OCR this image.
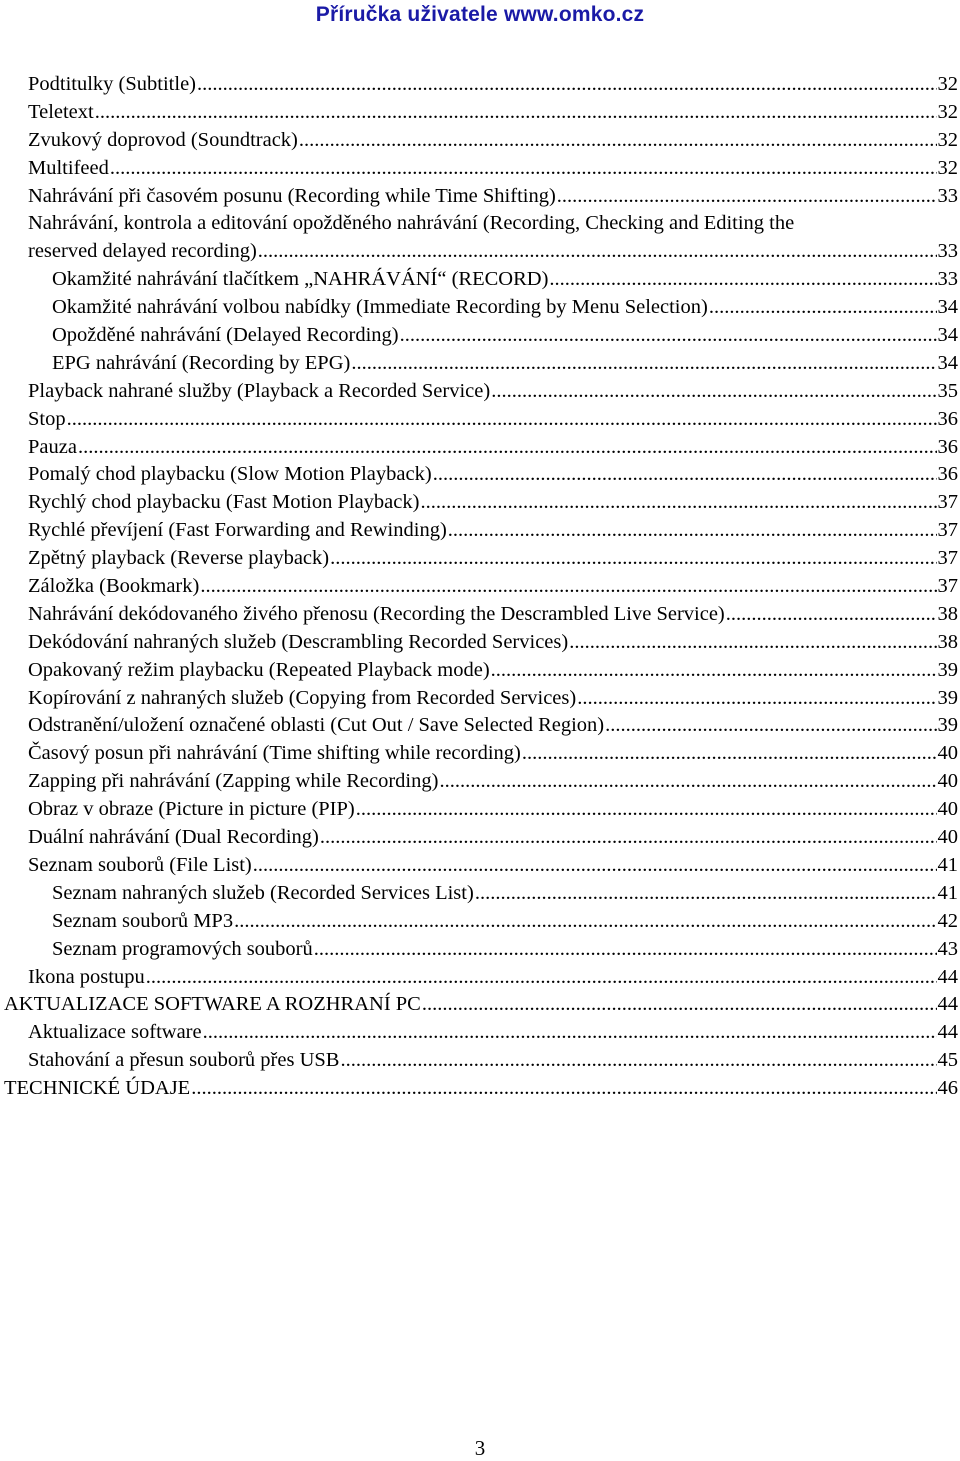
Příručka uživatele www.omko.cz
Podtitulky (Subtitle) .....	32
Teletext .....	32
Zvukový doprovod (Soundtrack) .....	32
Multifeed .....	32
Nahrávání při časovém posunu (Recording while Time Shifting) .....	33
Nahrávání, kontrola a editování opožděného nahrávání (Recording, Checking and Editing the
reserved delayed recording) .....	33
Okamžité nahrávání tlačítkem „NAHRÁVÁNÍ“ (RECORD) .....	33
Okamžité nahrávání volbou nabídky (Immediate Recording by Menu Selection) .....	34
Opožděné nahrávání (Delayed Recording) .....	34
EPG nahrávání (Recording by EPG) .....	34
Playback nahrané služby (Playback a Recorded Service) .....	35
Stop .....	36
Pauza .....	36
Pomalý chod playbacku (Slow Motion Playback) .....	36
Rychlý chod playbacku (Fast Motion Playback) .....	37
Rychlé převíjení (Fast Forwarding and Rewinding) .....	37
Zpětný playback (Reverse playback) .....	37
Záložka (Bookmark) .....	37
Nahrávání dekódovaného živého přenosu (Recording the Descrambled Live Service) .....	38
Dekódování nahraných služeb (Descrambling Recorded Services) .....	38
Opakovaný režim playbacku (Repeated Playback mode) .....	39
Kopírování z nahraných služeb (Copying from Recorded Services) .....	39
Odstranění/uložení označené oblasti (Cut Out / Save Selected Region) .....	39
Časový posun při nahrávání (Time shifting while recording) .....	40
Zapping při nahrávání (Zapping while Recording) .....	40
Obraz v obraze (Picture in picture (PIP) .....	40
Duální nahrávání (Dual Recording) .....	40
Seznam souborů (File List) .....	41
Seznam nahraných služeb (Recorded Services List) .....	41
Seznam souborů MP3 .....	42
Seznam programových souborů .....	43
Ikona postupu .....	44
AKTUALIZACE SOFTWARE A ROZHRANÍ PC .....	44
Aktualizace software .....	44
Stahování a přesun souborů přes USB .....	45
TECHNICKÉ ÚDAJE .....	46
3
